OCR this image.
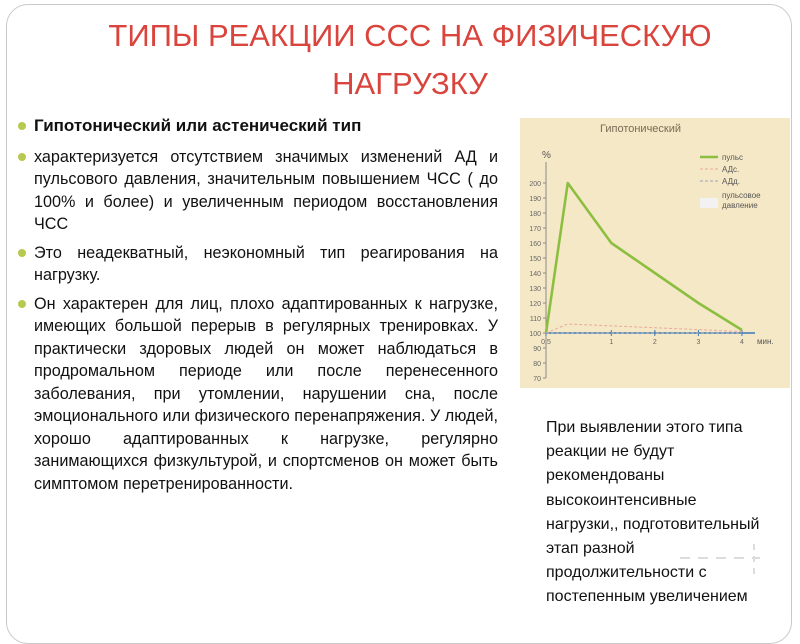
ТИПЫ РЕАКЦИИ ССС НА ФИЗИЧЕСКУЮ
НАГРУЗКУ
Гипотонический или астенический тип
характеризуется отсутствием значимых изменений АД и пульсового давления, значительным повышением ЧСС ( до 100% и более) и увеличенным периодом восстановления ЧСС
Это неадекватный, неэкономный тип реагирования на нагрузку.
Он характерен для лиц, плохо адаптированных к нагрузке, имеющих большой перерыв в регулярных тренировках. У практически здоровых людей он может наблюдаться в продромальном периоде или после перенесенного заболевания, при утомлении, нарушении сна, после эмоционального или физического перенапряжения. У людей, хорошо адаптированных к нагрузке, регулярно занимающихся физкультурой, и спортсменов он может быть симптомом перетренированности.
Гипотонический
%
200
190
180
170
160
150
140
130
120
110
100
90
80
70
0,5	1	2	3	4 мин.
пульс
АДс.
АДд.
пульсовое
давление
При выявлении этого типа
реакции не будут
рекомендованы
высокоинтенсивные
нагрузки,, подготовительный
этап разной
продолжительности с
постепенным увеличением
